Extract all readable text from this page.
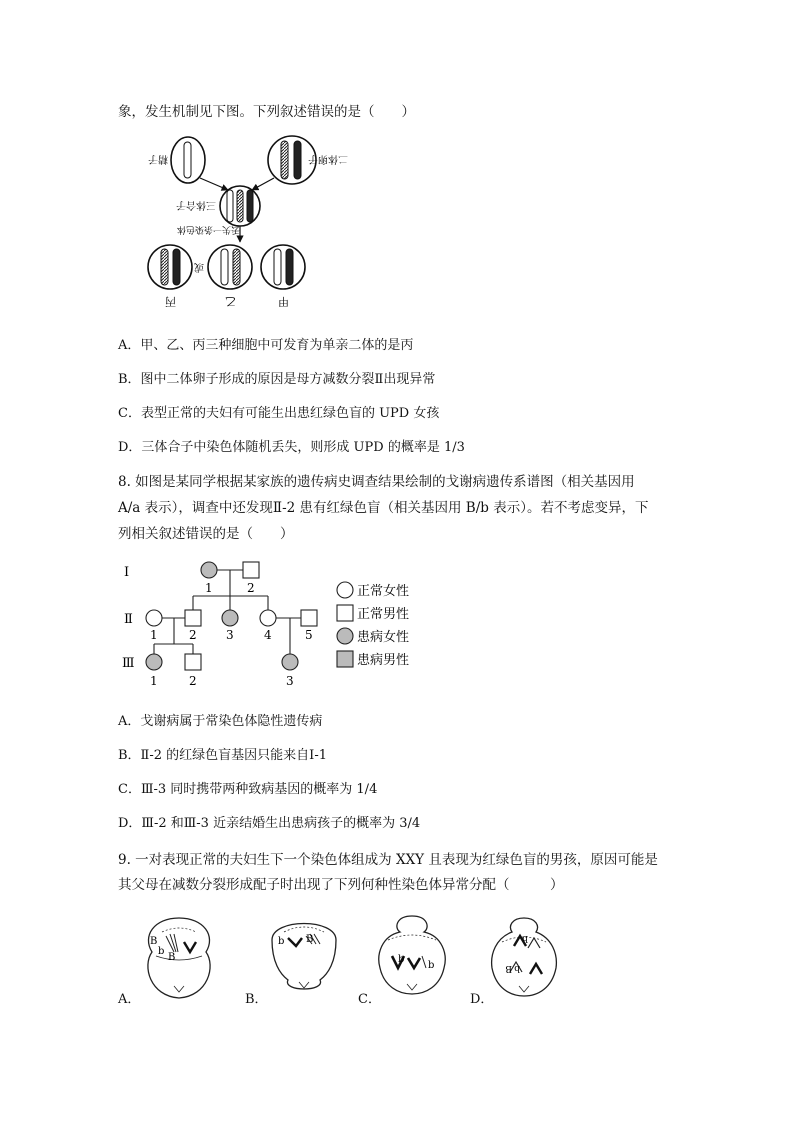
象，发生机制见下图。下列叙述错误的是（　　）
精子	二体卵子
三体合子
丢失一条染色体
或
丙	乙	甲
A．甲、乙、丙三种细胞中可发育为单亲二体的是丙
B．图中二体卵子形成的原因是母方减数分裂Ⅱ出现异常
C．表型正常的夫妇有可能生出患红绿色盲的 UPD 女孩
D．三体合子中染色体随机丢失，则形成 UPD 的概率是 1/3
8. 如图是某同学根据某家族的遗传病史调查结果绘制的戈谢病遗传系谱图（相关基因用
A/a 表示），调查中还发现Ⅱ-2 患有红绿色盲（相关基因用 B/b 表示）。若不考虑变异，下
列相关叙述错误的是（　　）
Ⅰ
Ⅱ
Ⅲ
1	2
1	2 3	4	5
1	2	3
正常女性
正常男性
患病女性
患病男性
A．戈谢病属于常染色体隐性遗传病
B．Ⅱ-2 的红绿色盲基因只能来自Ⅰ-1
C．Ⅲ-3 同时携带两种致病基因的概率为 1/4
D．Ⅲ-2 和Ⅲ-3 近亲结婚生出患病孩子的概率为 3/4
9. 一对表现正常的夫妇生下一个染色体组成为 XXY 且表现为红绿色盲的男孩，原因可能是
其父母在减数分裂形成配子时出现了下列何种性染色体异常分配（　　　）
A．	B．	C．	D．
B
b
B
b B
b
b
b
B b
